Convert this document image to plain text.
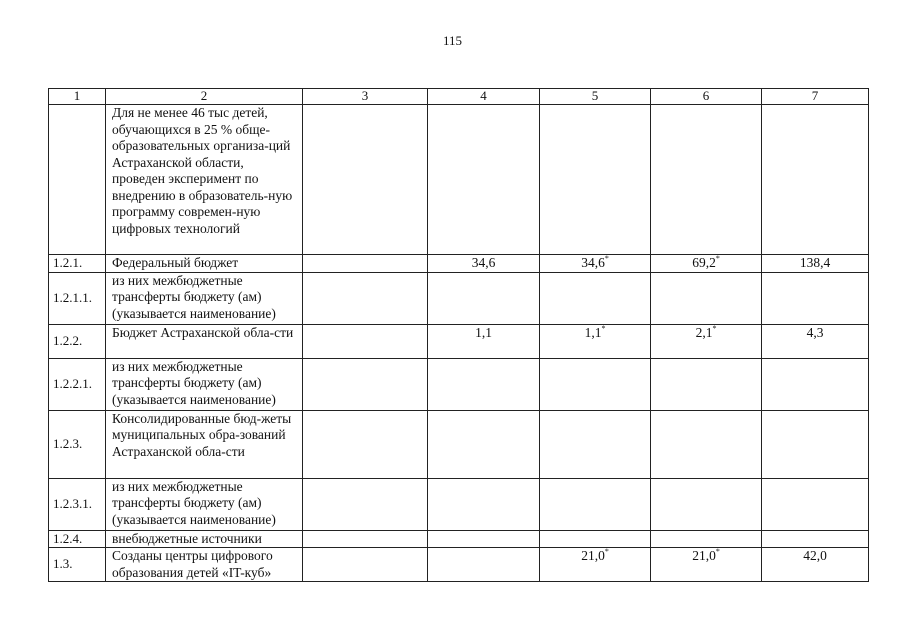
115
1	2	3	4	5	6	7
	Для не менее 46 тыс детей, обучающихся в 25 % обще-образовательных организа-ций Астраханской области, проведен эксперимент по внедрению в образователь-ную программу современ-ную цифровых технологий					
1.2.1.	Федеральный бюджет		34,6	34,6*	69,2*	138,4
1.2.1.1.	из них межбюджетные трансферты бюджету (ам) (указывается наименование)					
1.2.2.	Бюджет Астраханской обла-сти		1,1	1,1*	2,1*	4,3
1.2.2.1.	из них межбюджетные трансферты бюджету (ам) (указывается наименование)					
1.2.3.	Консолидированные бюд-жеты муниципальных обра-зований Астраханской обла-сти					
1.2.3.1.	из них межбюджетные трансферты бюджету (ам) (указывается наименование)					
1.2.4.	внебюджетные источники					
1.3.	Созданы центры цифрового образования детей «IT-куб»			21,0*	21,0*	42,0
